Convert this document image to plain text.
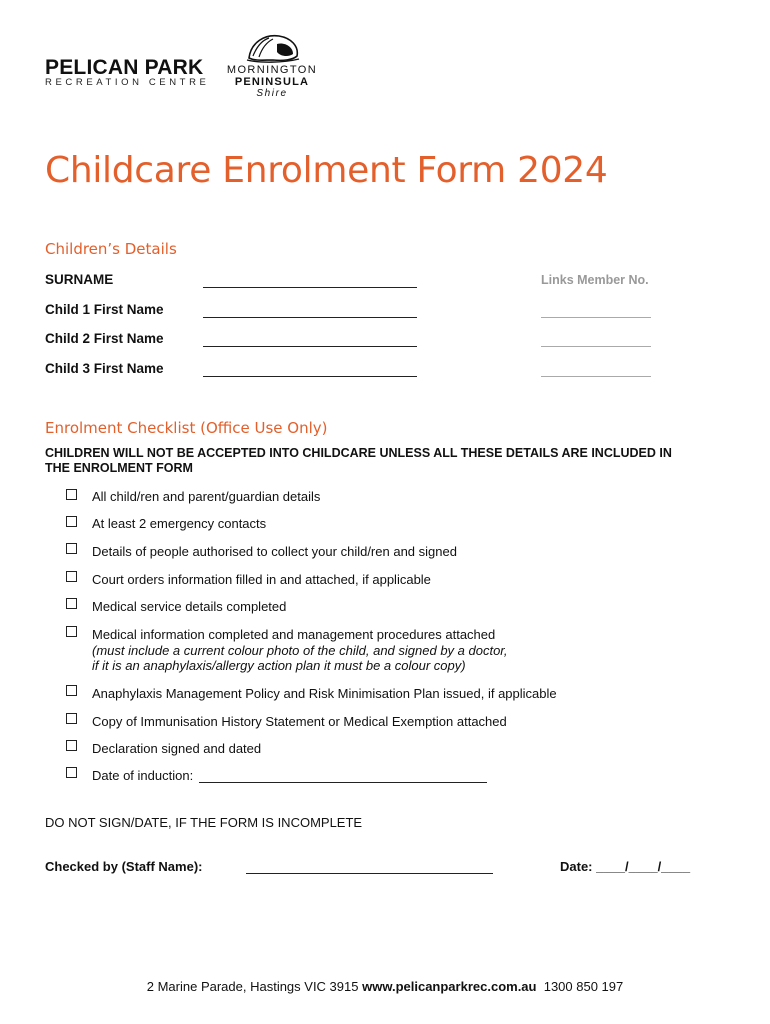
PELICAN PARK
RECREATION CENTRE
MORNINGTON
PENINSULA
Shire
Childcare Enrolment Form 2024
Children’s Details
SURNAME	Links Member No.
Child 1 First Name
Child 2 First Name
Child 3 First Name
Enrolment Checklist (Office Use Only)
CHILDREN WILL NOT BE ACCEPTED INTO CHILDCARE UNLESS ALL THESE DETAILS ARE INCLUDED IN THE ENROLMENT FORM
All child/ren and parent/guardian details
At least 2 emergency contacts
Details of people authorised to collect your child/ren and signed
Court orders information filled in and attached, if applicable
Medical service details completed
Medical information completed and management procedures attached
(must include a current colour photo of the child, and signed by a doctor,
if it is an anaphylaxis/allergy action plan it must be a colour copy)
Anaphylaxis Management Policy and Risk Minimisation Plan issued, if applicable
Copy of Immunisation History Statement or Medical Exemption attached
Declaration signed and dated
Date of induction:
DO NOT SIGN/DATE, IF THE FORM IS INCOMPLETE
Checked by (Staff Name):	Date: ____/____/____
2 Marine Parade, Hastings VIC 3915 www.pelicanparkrec.com.au 1300 850 197
